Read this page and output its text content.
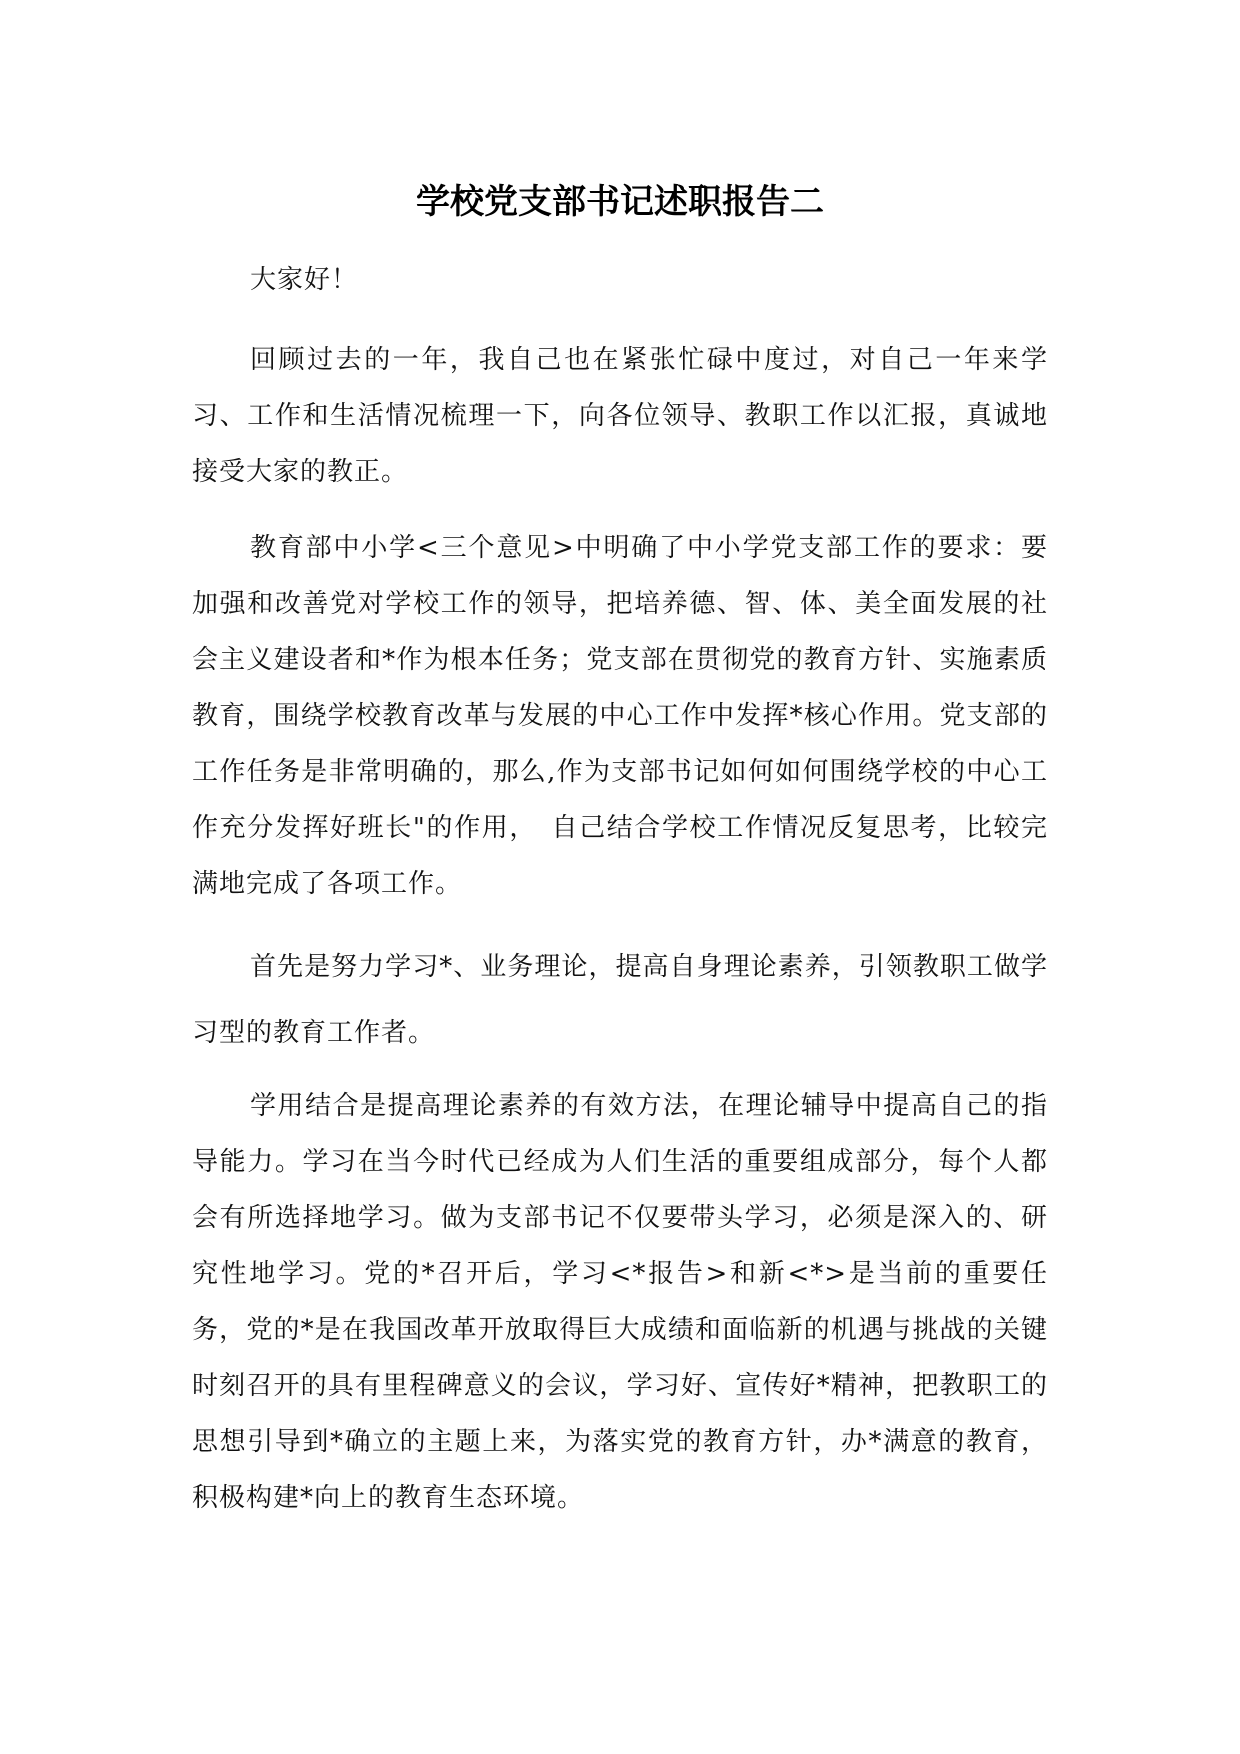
学校党支部书记述职报告二

大家好！

回顾过去的一年，我自己也在紧张忙碌中度过，对自己一年来学习、工作和生活情况梳理一下，向各位领导、教职工作以汇报，真诚地接受大家的教正。

教育部中小学<三个意见>中明确了中小学党支部工作的要求：要加强和改善党对学校工作的领导，把培养德、智、体、美全面发展的社会主义建设者和*作为根本任务；党支部在贯彻党的教育方针、实施素质教育，围绕学校教育改革与发展的中心工作中发挥*核心作用。党支部的工作任务是非常明确的，那么,作为支部书记如何如何围绕学校的中心工作充分发挥好班长"的作用，　自己结合学校工作情况反复思考，比较完满地完成了各项工作。

首先是努力学习*、业务理论，提高自身理论素养，引领教职工做学习型的教育工作者。

学用结合是提高理论素养的有效方法，在理论辅导中提高自己的指导能力。学习在当今时代已经成为人们生活的重要组成部分，每个人都会有所选择地学习。做为支部书记不仅要带头学习，必须是深入的、研究性地学习。党的*召开后，学习<*报告>和新<*>是当前的重要任务，党的*是在我国改革开放取得巨大成绩和面临新的机遇与挑战的关键时刻召开的具有里程碑意义的会议，学习好、宣传好*精神，把教职工的思想引导到*确立的主题上来，为落实党的教育方针，办*满意的教育，积极构建*向上的教育生态环境。
